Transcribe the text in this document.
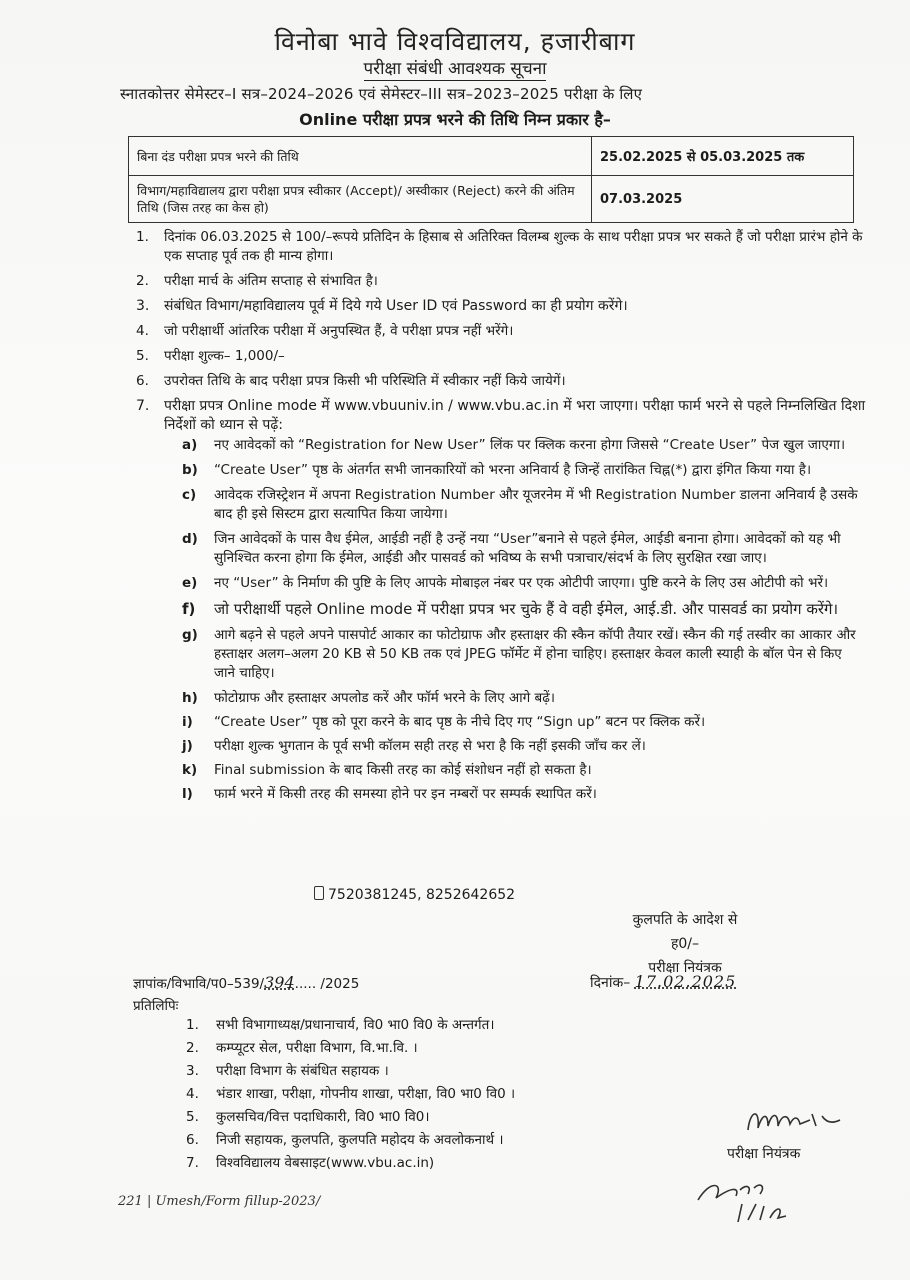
विनोबा भावे विश्वविद्यालय, हजारीबाग
परीक्षा संबंधी आवश्यक सूचना
स्नातकोत्तर सेमेस्टर–I सत्र–2024–2026 एवं सेमेस्टर–III सत्र–2023–2025 परीक्षा के लिए
Online परीक्षा प्रपत्र भरने की तिथि निम्न प्रकार है–
बिना दंड परीक्षा प्रपत्र भरने की तिथि	25.02.2025 से 05.03.2025 तक
विभाग/महाविद्यालय द्वारा परीक्षा प्रपत्र स्वीकार (Accept)/ अस्वीकार (Reject) करने की अंतिम तिथि (जिस तरह का केस हो)	07.03.2025
1.	दिनांक 06.03.2025 से 100/–रूपये प्रतिदिन के हिसाब से अतिरिक्त विलम्ब शुल्क के साथ परीक्षा प्रपत्र भर सकते हैं जो परीक्षा प्रारंभ होने के एक सप्ताह पूर्व तक ही मान्य होगा।
2.	परीक्षा मार्च के अंतिम सप्ताह से संभावित है।
3.	संबंधित विभाग/महाविद्यालय पूर्व में दिये गये User ID एवं Password का ही प्रयोग करेंगे।
4.	जो परीक्षार्थी आंतरिक परीक्षा में अनुपस्थित हैं, वे परीक्षा प्रपत्र नहीं भरेंगे।
5.	परीक्षा शुल्क– 1,000/–
6.	उपरोक्त तिथि के बाद परीक्षा प्रपत्र किसी भी परिस्थिति में स्वीकार नहीं किये जायेगें।
7.	परीक्षा प्रपत्र Online mode में www.vbuuniv.in / www.vbu.ac.in में भरा जाएगा। परीक्षा फार्म भरने से पहले निम्नलिखित दिशा निर्देशों को ध्यान से पढ़ें:
a)	नए आवेदकों को “Registration for New User” लिंक पर क्लिक करना होगा जिससे “Create User” पेज खुल जाएगा।
b)	“Create User” पृष्ठ के अंतर्गत सभी जानकारियों को भरना अनिवार्य है जिन्हें तारांकित चिह्न(*) द्वारा इंगित किया गया है।
c)	आवेदक रजिस्ट्रेशन में अपना Registration Number और यूजरनेम में भी Registration Number डालना अनिवार्य है उसके बाद ही इसे सिस्टम द्वारा सत्यापित किया जायेगा।
d)	जिन आवेदकों के पास वैध ईमेल, आईडी नहीं है उन्हें नया “User”बनाने से पहले ईमेल, आईडी बनाना होगा। आवेदकों को यह भी सुनिश्चित करना होगा कि ईमेल, आईडी और पासवर्ड को भविष्य के सभी पत्राचार/संदर्भ के लिए सुरक्षित रखा जाए।
e)	नए “User” के निर्माण की पुष्टि के लिए आपके मोबाइल नंबर पर एक ओटीपी जाएगा। पुष्टि करने के लिए उस ओटीपी को भरें।
f)	जो परीक्षार्थी पहले Online mode में परीक्षा प्रपत्र भर चुके हैं वे वही ईमेल, आई.डी. और पासवर्ड का प्रयोग करेंगे।
g)	आगे बढ़ने से पहले अपने पासपोर्ट आकार का फोटोग्राफ और हस्ताक्षर की स्कैन कॉपी तैयार रखें। स्कैन की गई तस्वीर का आकार और हस्ताक्षर अलग–अलग 20 KB से 50 KB तक एवं JPEG फॉर्मेट में होना चाहिए। हस्ताक्षर केवल काली स्याही के बॉल पेन से किए जाने चाहिए।
h)	फोटोग्राफ और हस्ताक्षर अपलोड करें और फॉर्म भरने के लिए आगे बढ़ें।
i)	“Create User” पृष्ठ को पूरा करने के बाद पृष्ठ के नीचे दिए गए “Sign up” बटन पर क्लिक करें।
j)	परीक्षा शुल्क भुगतान के पूर्व सभी कॉलम सही तरह से भरा है कि नहीं इसकी जाँच कर लें।
k)	Final submission के बाद किसी तरह का कोई संशोधन नहीं हो सकता है।
l)	फार्म भरने में किसी तरह की समस्या होने पर इन नम्बरों पर सम्पर्क स्थापित करें।
7520381245, 8252642652
कुलपति के आदेश से
ह0/–
परीक्षा नियंत्रक
ज्ञापांक/विभावि/प0–539/394..... /2025	दिनांक– 17.02.2025
प्रतिलिपिः
1.	सभी विभागाध्यक्ष/प्रधानाचार्य, वि0 भा0 वि0 के अन्तर्गत।
2.	कम्प्यूटर सेल, परीक्षा विभाग, वि.भा.वि. ।
3.	परीक्षा विभाग के संबंधित सहायक ।
4.	भंडार शाखा, परीक्षा, गोपनीय शाखा, परीक्षा, वि0 भा0 वि0 ।
5.	कुलसचिव/वित्त पदाधिकारी, वि0 भा0 वि0।
6.	निजी सहायक, कुलपति, कुलपति महोदय के अवलोकनार्थ ।
7.	विश्वविद्यालय वेबसाइट(www.vbu.ac.in)
परीक्षा नियंत्रक
221 | Umesh/Form fillup-2023/
